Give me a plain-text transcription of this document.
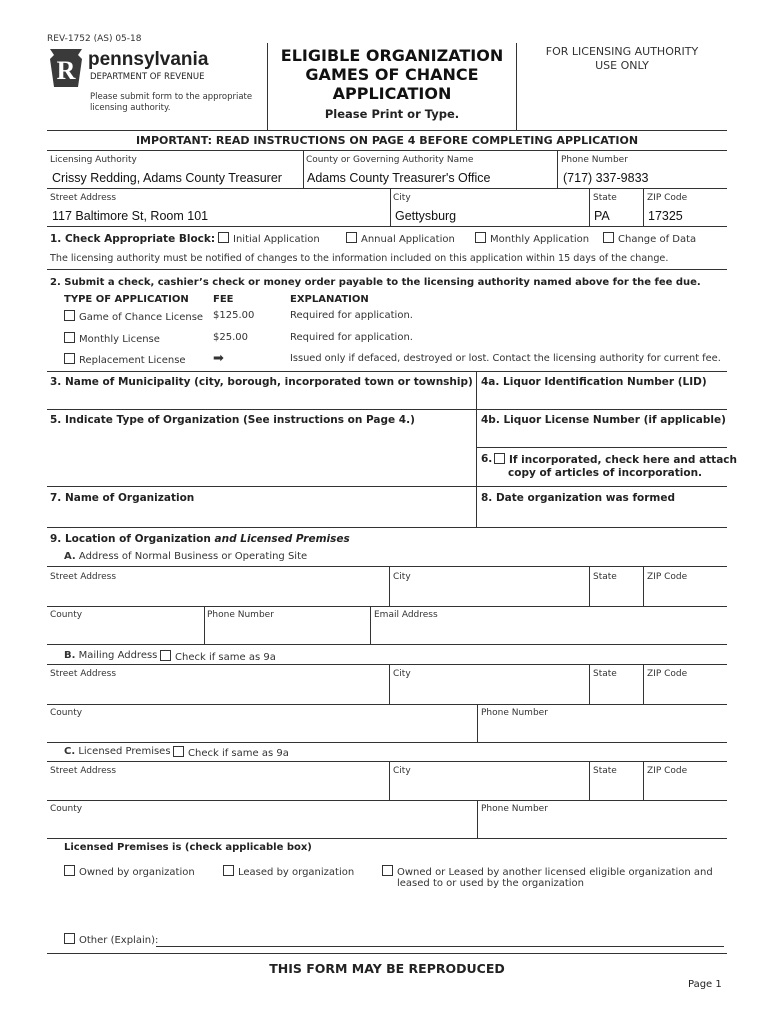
REV-1752 (AS) 05-18
R pennsylvania
DEPARTMENT OF REVENUE
Please submit form to the appropriate
licensing authority.
ELIGIBLE ORGANIZATION
GAMES OF CHANCE
APPLICATION
Please Print or Type.
FOR LICENSING AUTHORITY
USE ONLY
IMPORTANT: READ INSTRUCTIONS ON PAGE 4 BEFORE COMPLETING APPLICATION
Licensing Authority
Crissy Redding, Adams County Treasurer
County or Governing Authority Name
Adams County Treasurer's Office
Phone Number
(717) 337-9833
Street Address
117 Baltimore St, Room 101
City
Gettysburg
State
PA
ZIP Code
17325
1. Check Appropriate Block:	Initial Application	Annual Application	Monthly Application	Change of Data
The licensing authority must be notified of changes to the information included on this application within 15 days of the change.
2. Submit a check, cashier’s check or money order payable to the licensing authority named above for the fee due.
TYPE OF APPLICATION FEE	EXPLANATION
Game of Chance License $125.00	Required for application.
Monthly License	$25.00	Required for application.
Replacement License ➡	Issued only if defaced, destroyed or lost. Contact the licensing authority for current fee.
3. Name of Municipality (city, borough, incorporated town or township) 4a. Liquor Identification Number (LID)
5. Indicate Type of Organization (See instructions on Page 4.)	4b. Liquor License Number (if applicable)
6.	If incorporated, check here and attach
copy of articles of incorporation.
7. Name of Organization	8. Date organization was formed
9. Location of Organization and Licensed Premises
A. Address of Normal Business or Operating Site
Street Address	City	State	ZIP Code
County	Phone Number	Email Address
B. Mailing Address	Check if same as 9a
Street Address	City	State	ZIP Code
County	Phone Number
C. Licensed Premises	Check if same as 9a
Street Address	City	State	ZIP Code
County	Phone Number
Licensed Premises is (check applicable box)
Owned by organization	Leased by organization	Owned or Leased by another licensed eligible organization and
leased to or used by the organization
Other (Explain):
THIS FORM MAY BE REPRODUCED
Page 1
